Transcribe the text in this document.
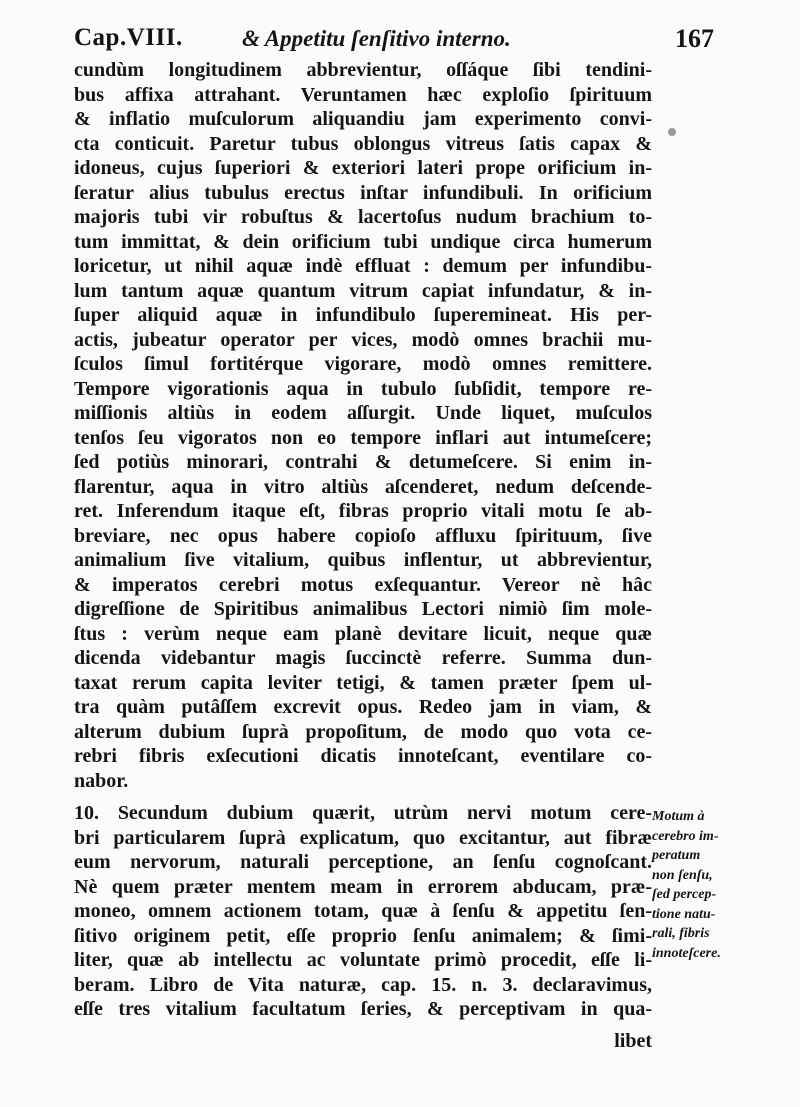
Cap.VIII.	& Appetitu ſenſitivo interno.	167
cundùm longitudinem abbrevientur, oſſáque ſibi tendini-
bus affixa attrahant. Veruntamen hæc exploſio ſpirituum
& inflatio muſculorum aliquandiu jam experimento convi-
cta conticuit. Paretur tubus oblongus vitreus ſatis capax &
idoneus, cujus ſuperiori & exteriori lateri prope orificium in-
ſeratur alius tubulus erectus inſtar infundibuli. In orificium
majoris tubi vir robuſtus & lacertoſus nudum brachium to-
tum immittat, & dein orificium tubi undique circa humerum
loricetur, ut nihil aquæ indè effluat : demum per infundibu-
lum tantum aquæ quantum vitrum capiat infundatur, & in-
ſuper aliquid aquæ in infundibulo ſuperemineat. His per-
actis, jubeatur operator per vices, modò omnes brachii mu-
ſculos ſimul fortitérque vigorare, modò omnes remittere.
Tempore vigorationis aqua in tubulo ſubſidit, tempore re-
miſſionis altiùs in eodem aſſurgit. Unde liquet, muſculos
tenſos ſeu vigoratos non eo tempore inflari aut intumeſcere;
ſed potiùs minorari, contrahi & detumeſcere. Si enim in-
flarentur, aqua in vitro altiùs aſcenderet, nedum deſcende-
ret. Inferendum itaque eſt, fibras proprio vitali motu ſe ab-
breviare, nec opus habere copioſo affluxu ſpirituum, ſive
animalium ſive vitalium, quibus inflentur, ut abbrevientur,
& imperatos cerebri motus exſequantur. Vereor nè hâc
digreſſione de Spiritibus animalibus Lectori nimiò ſim mole-
ſtus : verùm neque eam planè devitare licuit, neque quæ
dicenda videbantur magis ſuccinctè referre. Summa dun-
taxat rerum capita leviter tetigi, & tamen præter ſpem ul-
tra quàm putâſſem excrevit opus. Redeo jam in viam, &
alterum dubium ſuprà propoſitum, de modo quo vota ce-
rebri fibris exſecutioni dicatis innoteſcant, eventilare co-
nabor.
10. Secundum dubium quærit, utrùm nervi motum cere-
bri particularem ſuprà explicatum, quo excitantur, aut fibræ
eum nervorum, naturali perceptione, an ſenſu cognoſcant.
Nè quem præter mentem meam in errorem abducam, præ-
moneo, omnem actionem totam, quæ à ſenſu & appetitu ſen-
ſitivo originem petit, eſſe proprio ſenſu animalem; & ſimi-
liter, quæ ab intellectu ac voluntate primò procedit, eſſe li-
beram. Libro de Vita naturæ, cap. 15. n. 3. declaravimus,
eſſe tres vitalium facultatum ſeries, & perceptivam in qua-
Motum à
cerebro im-
peratum
non ſenſu,
ſed percep-
tione natu-
rali, fibris
innoteſcere.
libet
